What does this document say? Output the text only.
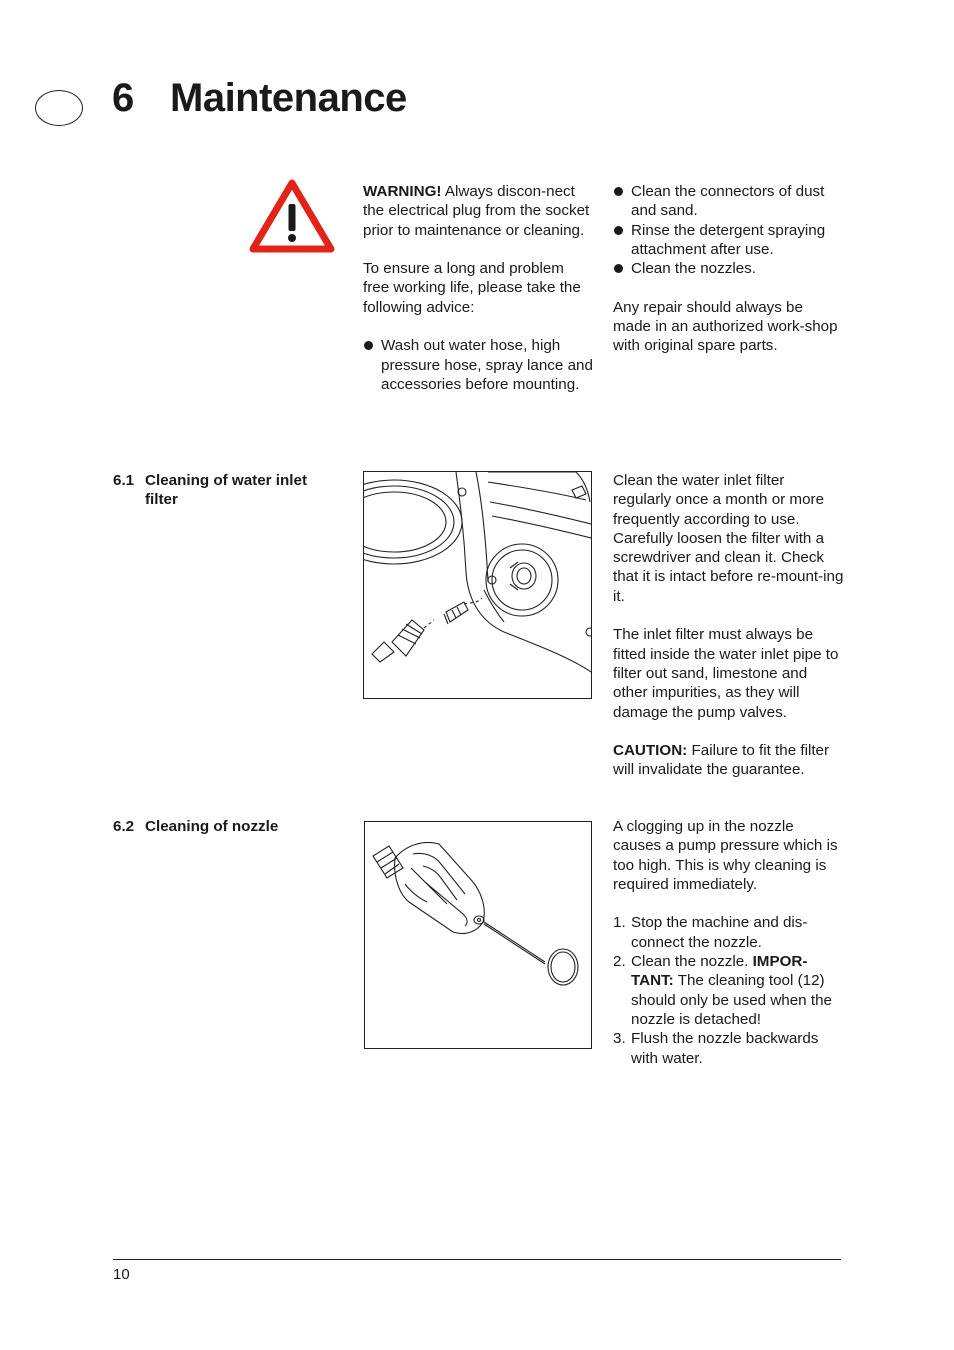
6 Maintenance

WARNING! Always discon-nect the electrical plug from the socket prior to maintenance or cleaning.

To ensure a long and problem free working life, please take the following advice:

Wash out water hose, high pressure hose, spray lance and accessories before mounting.
Clean the connectors of dust and sand.
Rinse the detergent spraying attachment after use.
Clean the nozzles.

Any repair should always be made in an authorized work-shop with original spare parts.

6.1 Cleaning of water inlet filter

Clean the water inlet filter regularly once a month or more frequently according to use. Carefully loosen the filter with a screwdriver and clean it. Check that it is intact before re-mount-ing it.

The inlet filter must always be fitted inside the water inlet pipe to filter out sand, limestone and other impurities, as they will damage the pump valves.

CAUTION: Failure to fit the filter will invalidate the guarantee.

6.2 Cleaning of nozzle	A clogging up in the nozzle causes a pump pressure which is too high. This is why cleaning is required immediately.

1. Stop the machine and dis-connect the nozzle.
2. Clean the nozzle. IMPOR-TANT: The cleaning tool (12) should only be used when the nozzle is detached!
3. Flush the nozzle backwards with water.
10
